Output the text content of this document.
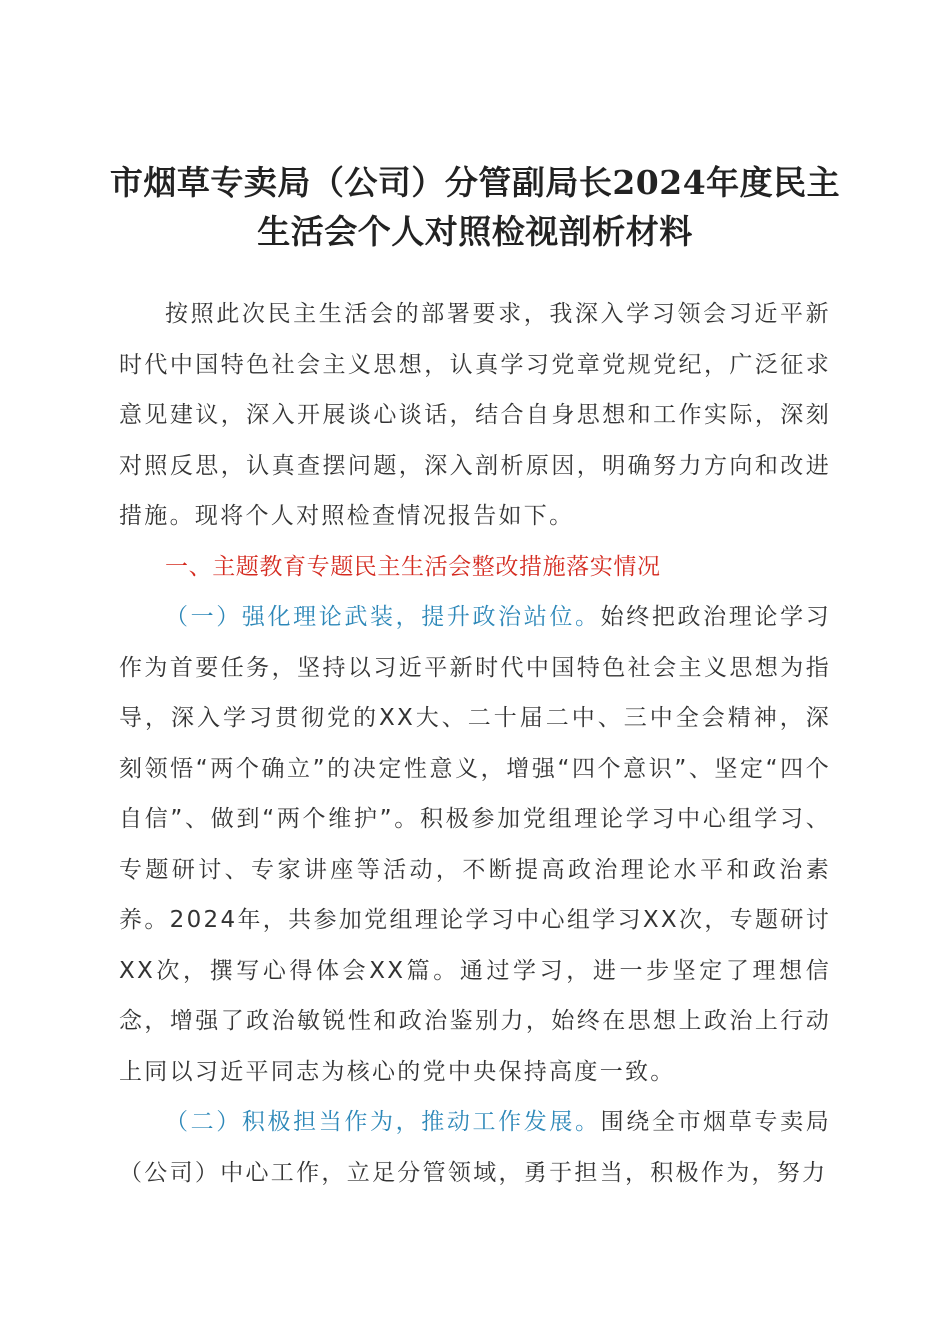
市烟草专卖局（公司）分管副局长2024年度民主生活会个人对照检视剖析材料

按照此次民主生活会的部署要求，我深入学习领会习近平新时代中国特色社会主义思想，认真学习党章党规党纪，广泛征求意见建议，深入开展谈心谈话，结合自身思想和工作实际，深刻对照反思，认真查摆问题，深入剖析原因，明确努力方向和改进措施。现将个人对照检查情况报告如下。

一、主题教育专题民主生活会整改措施落实情况

（一）强化理论武装，提升政治站位。始终把政治理论学习作为首要任务，坚持以习近平新时代中国特色社会主义思想为指导，深入学习贯彻党的XX大、二十届二中、三中全会精神，深刻领悟“两个确立”的决定性意义，增强“四个意识”、坚定“四个自信”、做到“两个维护”。积极参加党组理论学习中心组学习、专题研讨、专家讲座等活动，不断提高政治理论水平和政治素养。2024年，共参加党组理论学习中心组学习XX次，专题研讨XX次，撰写心得体会XX篇。通过学习，进一步坚定了理想信念，增强了政治敏锐性和政治鉴别力，始终在思想上政治上行动上同以习近平同志为核心的党中央保持高度一致。

（二）积极担当作为，推动工作发展。围绕全市烟草专卖局（公司）中心工作，立足分管领域，勇于担当，积极作为，努力
